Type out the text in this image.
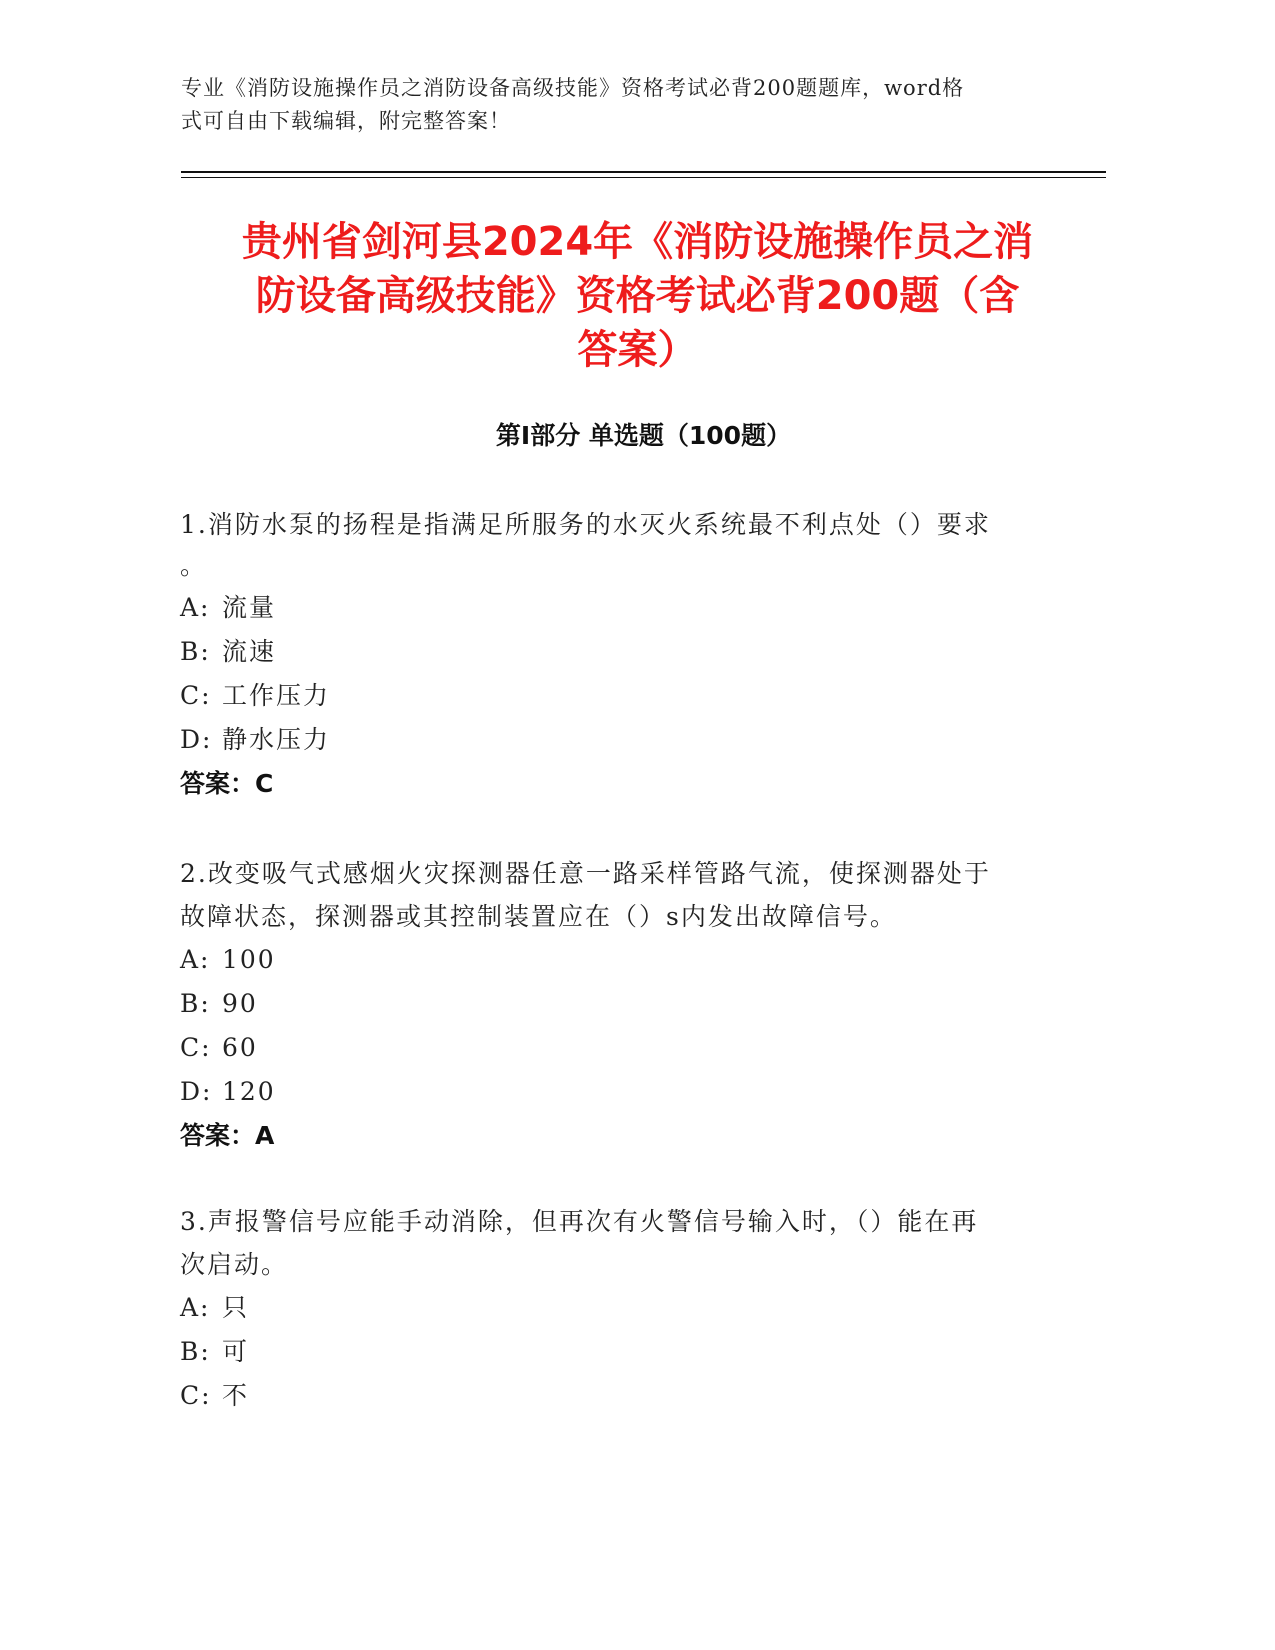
专业《消防设施操作员之消防设备高级技能》资格考试必背200题题库，word格
式可自由下载编辑，附完整答案！
贵州省剑河县2024年《消防设施操作员之消
防设备高级技能》资格考试必背200题（含
答案）
第Ⅰ部分 单选题（100题）

1.消防水泵的扬程是指满足所服务的水灭火系统最不利点处（）要求

。

A: 流量

B: 流速

C: 工作压力

D: 静水压力

答案：C

2.改变吸气式感烟火灾探测器任意一路采样管路气流，使探测器处于

故障状态，探测器或其控制装置应在（）s内发出故障信号。

A: 100

B: 90

C: 60

D: 120

答案：A

3.声报警信号应能手动消除，但再次有火警信号输入时，（）能在再

次启动。

A: 只

B: 可

C: 不
